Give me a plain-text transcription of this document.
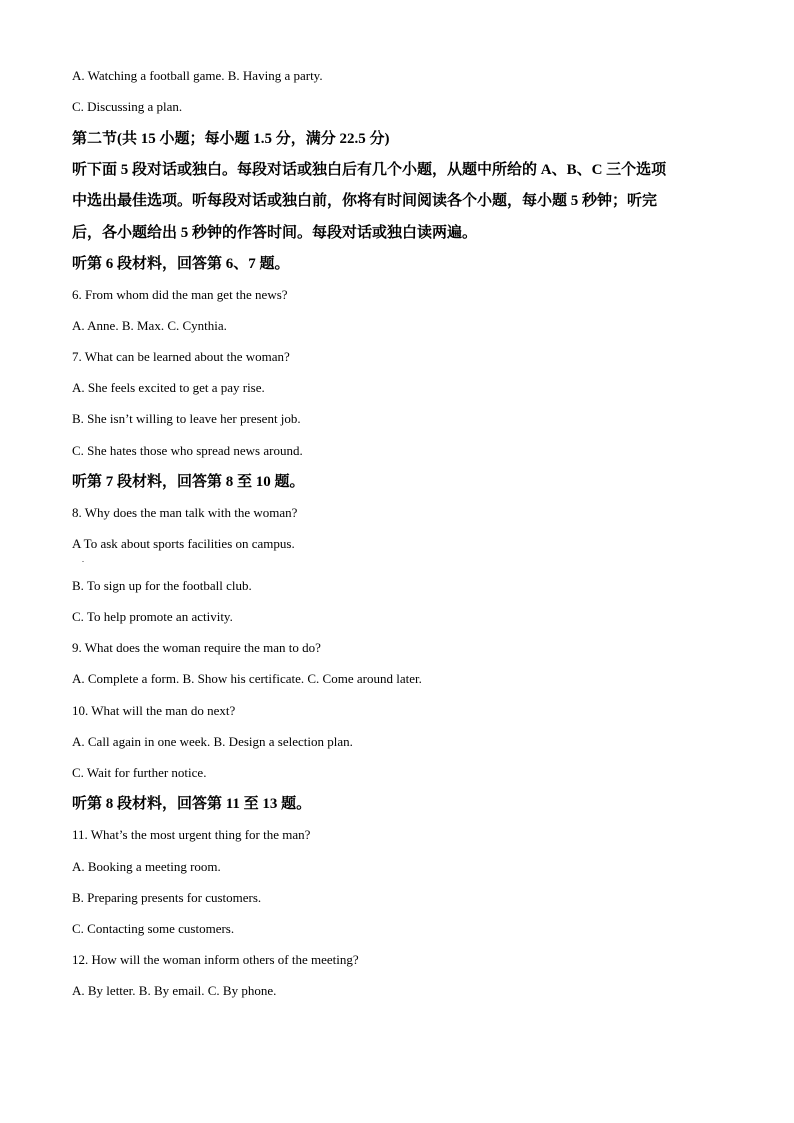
A. Watching a football game. B. Having a party.
C. Discussing a plan.
第二节(共 15 小题；每小题 1.5 分，满分 22.5 分)
听下面 5 段对话或独白。每段对话或独白后有几个小题，从题中所给的 A、B、C 三个选项
中选出最佳选项。听每段对话或独白前，你将有时间阅读各个小题，每小题 5 秒钟；听完
后，各小题给出 5 秒钟的作答时间。每段对话或独白读两遍。
听第 6 段材料，回答第 6、7 题。
6. From whom did the man get the news?
A. Anne. B. Max. C. Cynthia.
7. What can be learned about the woman?
A. She feels excited to get a pay rise.
B. She isn’t willing to leave her present job.
C. She hates those who spread news around.
听第 7 段材料，回答第 8 至 10 题。
8. Why does the man talk with the woman?
A To ask about sports facilities on campus.
.
B. To sign up for the football club.
C. To help promote an activity.
9. What does the woman require the man to do?
A. Complete a form. B. Show his certificate. C. Come around later.
10. What will the man do next?
A. Call again in one week. B. Design a selection plan.
C. Wait for further notice.
听第 8 段材料，回答第 11 至 13 题。
11. What’s the most urgent thing for the man?
A. Booking a meeting room.
B. Preparing presents for customers.
C. Contacting some customers.
12. How will the woman inform others of the meeting?
A. By letter. B. By email. C. By phone.
